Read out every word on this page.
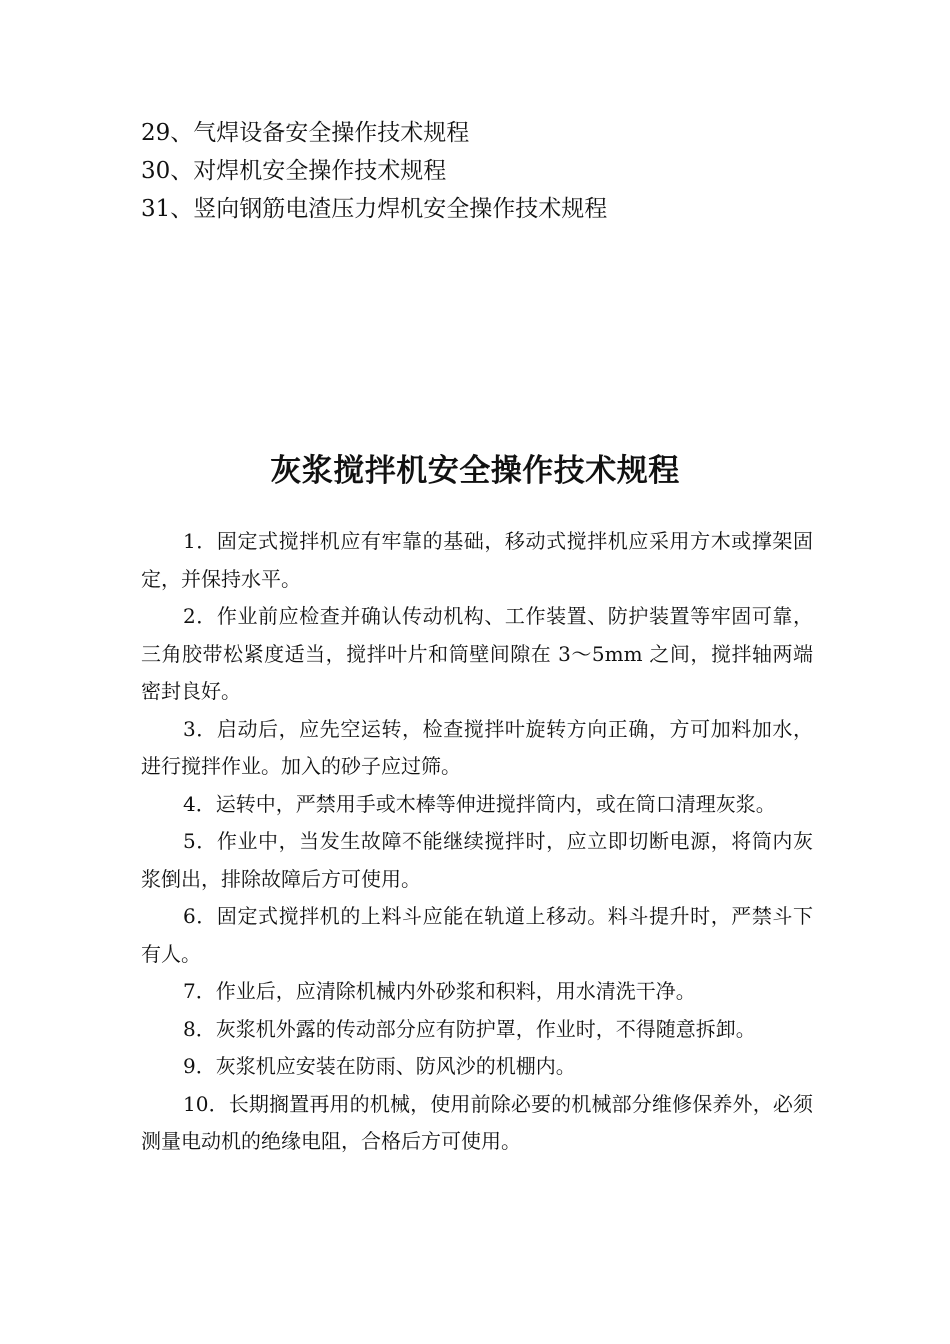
29、气焊设备安全操作技术规程
30、对焊机安全操作技术规程
31、竖向钢筋电渣压力焊机安全操作技术规程
灰浆搅拌机安全操作技术规程

1．固定式搅拌机应有牢靠的基础，移动式搅拌机应采用方木或撑架固定，并保持水平。

2．作业前应检查并确认传动机构、工作装置、防护装置等牢固可靠，三角胶带松紧度适当，搅拌叶片和筒壁间隙在 3～5mm 之间，搅拌轴两端密封良好。

3．启动后，应先空运转，检查搅拌叶旋转方向正确，方可加料加水，进行搅拌作业。加入的砂子应过筛。

4．运转中，严禁用手或木棒等伸进搅拌筒内，或在筒口清理灰浆。

5．作业中，当发生故障不能继续搅拌时，应立即切断电源，将筒内灰浆倒出，排除故障后方可使用。

6．固定式搅拌机的上料斗应能在轨道上移动。料斗提升时，严禁斗下有人。

7．作业后，应清除机械内外砂浆和积料，用水清洗干净。

8．灰浆机外露的传动部分应有防护罩，作业时，不得随意拆卸。

9．灰浆机应安装在防雨、防风沙的机棚内。

10．长期搁置再用的机械，使用前除必要的机械部分维修保养外，必须测量电动机的绝缘电阻，合格后方可使用。
